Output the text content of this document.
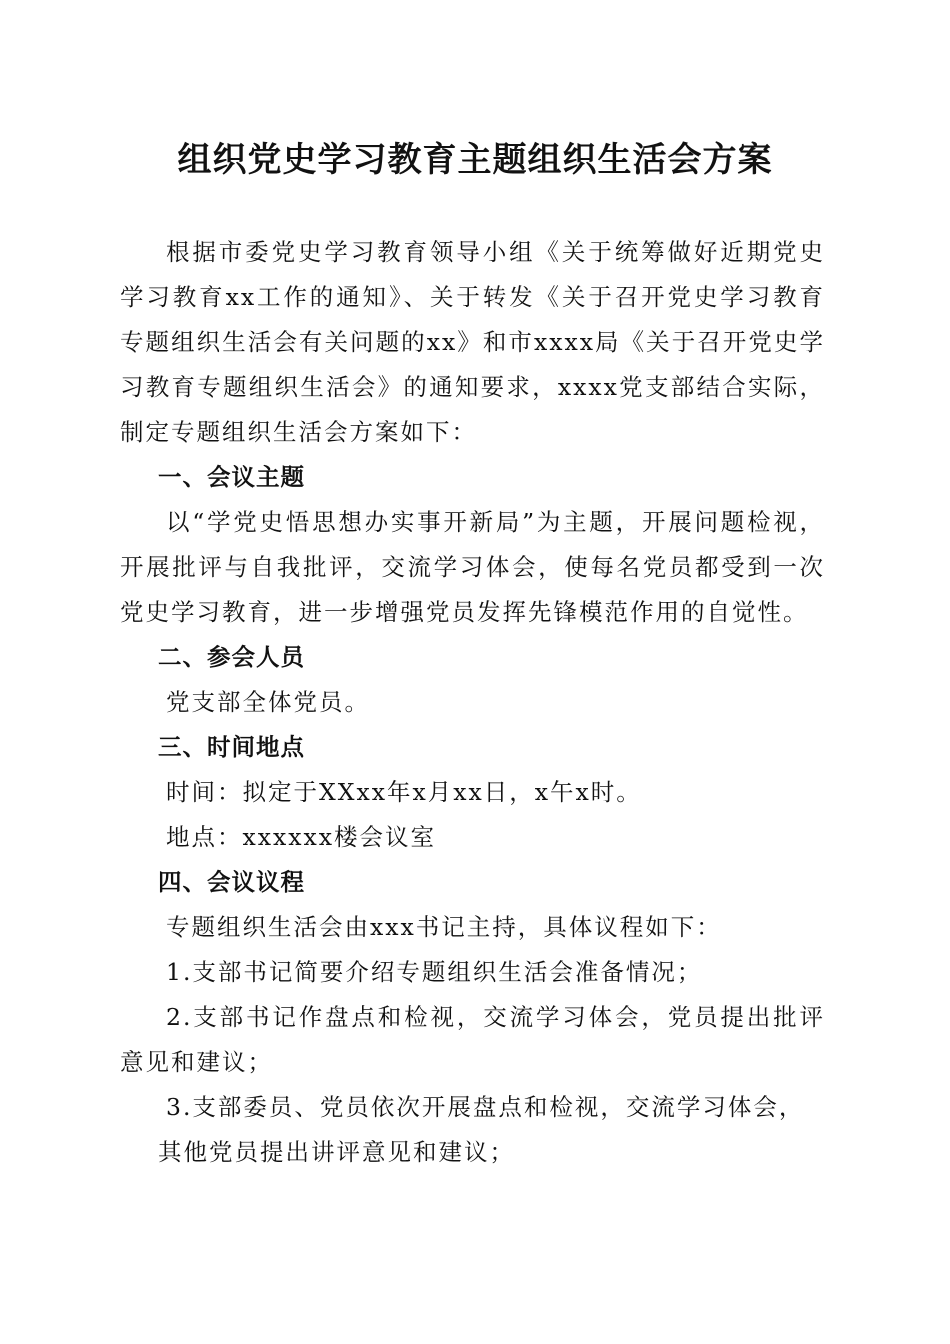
组织党史学习教育主题组织生活会方案

根据市委党史学习教育领导小组《关于统筹做好近期党史学习教育xx工作的通知》、关于转发《关于召开党史学习教育专题组织生活会有关问题的xx》和市xxxx局《关于召开党史学习教育专题组织生活会》的通知要求，xxxx党支部结合实际，制定专题组织生活会方案如下：

一、会议主题

以“学党史悟思想办实事开新局”为主题，开展问题检视，开展批评与自我批评，交流学习体会，使每名党员都受到一次党史学习教育，进一步增强党员发挥先锋模范作用的自觉性。

二、参会人员

党支部全体党员。

三、时间地点

时间：拟定于XXxx年x月xx日，x午x时。

地点：xxxxxx楼会议室

四、会议议程

专题组织生活会由xxx书记主持，具体议程如下：

1.支部书记简要介绍专题组织生活会准备情况；

2.支部书记作盘点和检视，交流学习体会，党员提出批评意见和建议；

3.支部委员、党员依次开展盘点和检视，交流学习体会，

其他党员提出讲评意见和建议；
